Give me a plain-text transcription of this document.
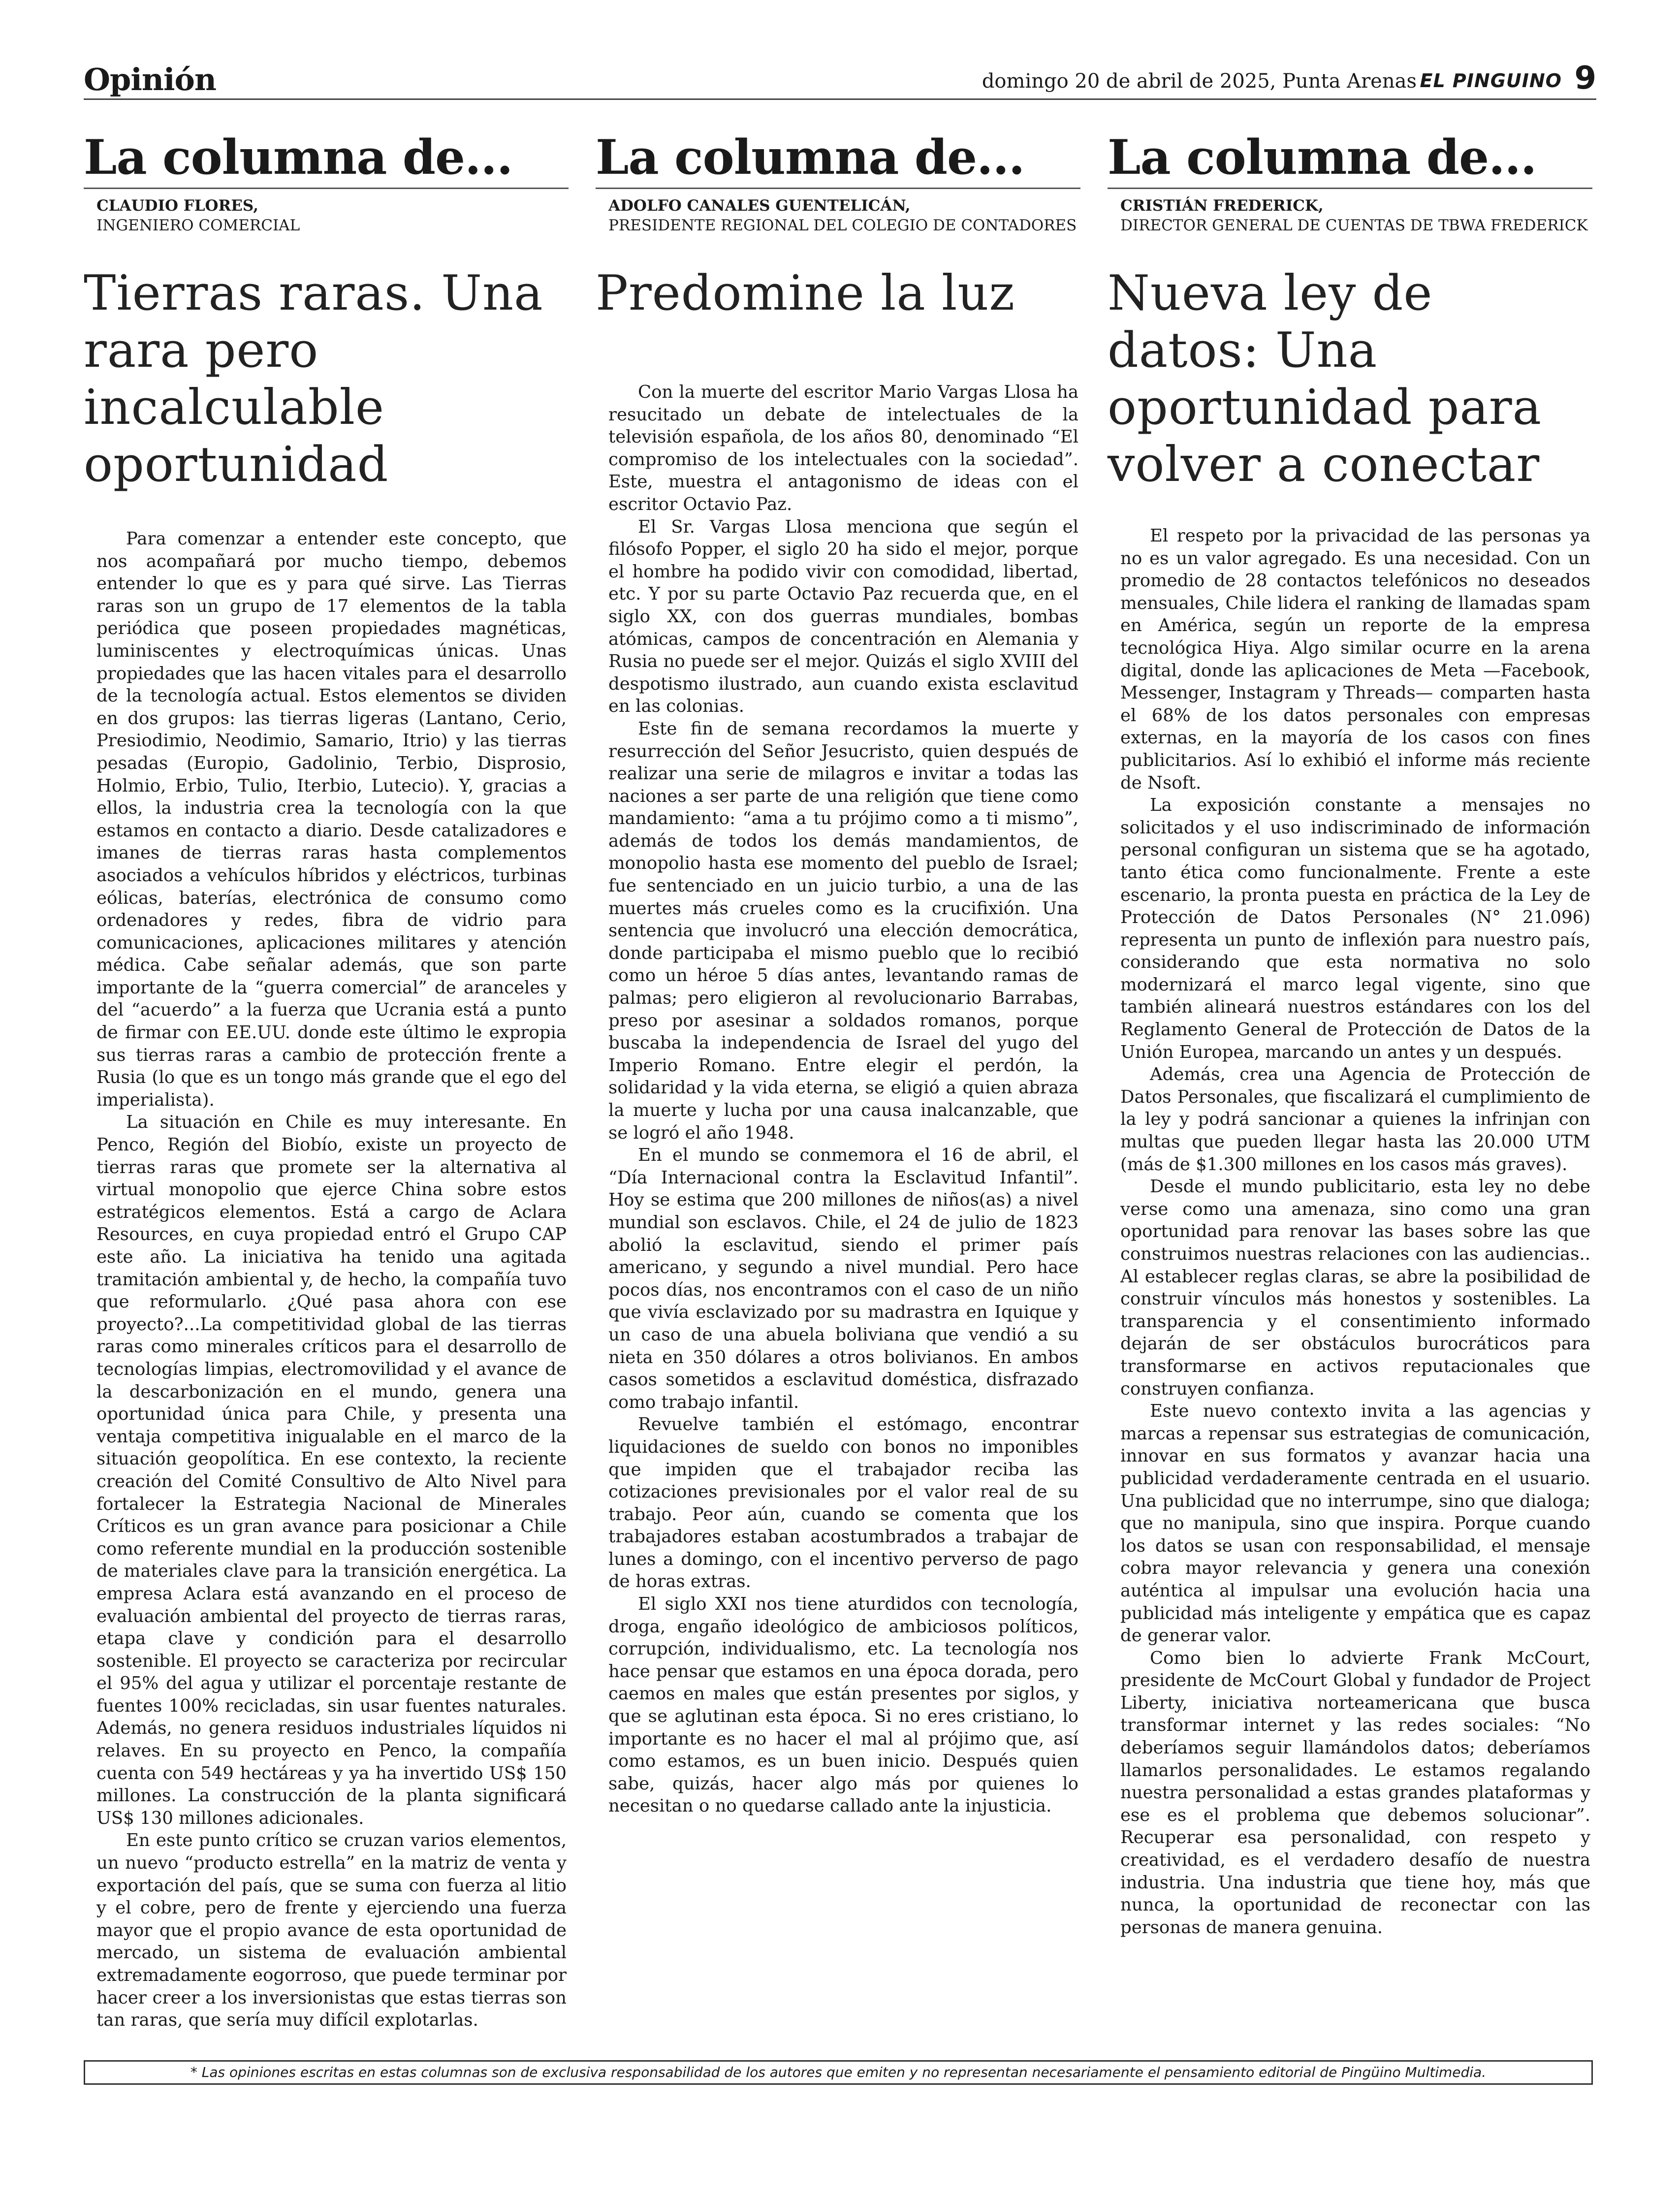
Opinión	domingo 20 de abril de 2025, Punta Arenas EL PINGUINO 9
La columna de...
CLAUDIO FLORES,
INGENIERO COMERCIAL
Tierras raras. Una rara pero incalculable oportunidad

Para comenzar a entender este concepto, que nos acompañará por mucho tiempo, debemos entender lo que es y para qué sirve. Las Tierras raras son un grupo de 17 elementos de la tabla periódica que poseen propiedades magnéticas, luminiscentes y electroquímicas únicas. Unas propiedades que las hacen vitales para el desarrollo de la tecnología actual. Estos elementos se dividen en dos grupos: las tierras ligeras (Lantano, Cerio, Presiodimio, Neodimio, Samario, Itrio) y las tierras pesadas (Europio, Gadolinio, Terbio, Disprosio, Holmio, Erbio, Tulio, Iterbio, Lutecio). Y, gracias a ellos, la industria crea la tecnología con la que estamos en contacto a diario. Desde catalizadores e imanes de tierras raras hasta complementos asociados a vehículos híbridos y eléctricos, turbinas eólicas, baterías, electrónica de consumo como ordenadores y redes, fibra de vidrio para comunicaciones, aplicaciones militares y atención médica. Cabe señalar además, que son parte importante de la “guerra comercial” de aranceles y del “acuerdo” a la fuerza que Ucrania está a punto de firmar con EE.UU. donde este último le expropia sus tierras raras a cambio de protección frente a Rusia (lo que es un tongo más grande que el ego del imperialista).

La situación en Chile es muy interesante. En Penco, Región del Biobío, existe un proyecto de tierras raras que promete ser la alternativa al virtual monopolio que ejerce China sobre estos estratégicos elementos. Está a cargo de Aclara Resources, en cuya propiedad entró el Grupo CAP este año. La iniciativa ha tenido una agitada tramitación ambiental y, de hecho, la compañía tuvo que reformularlo. ¿Qué pasa ahora con ese proyecto?...La competitividad global de las tierras raras como minerales críticos para el desarrollo de tecnologías limpias, electromovilidad y el avance de la descarbonización en el mundo, genera una oportunidad única para Chile, y presenta una ventaja competitiva inigualable en el marco de la situación geopolítica. En ese contexto, la reciente creación del Comité Consultivo de Alto Nivel para fortalecer la Estrategia Nacional de Minerales Críticos es un gran avance para posicionar a Chile como referente mundial en la producción sostenible de materiales clave para la transición energética. La empresa Aclara está avanzando en el proceso de evaluación ambiental del proyecto de tierras raras, etapa clave y condición para el desarrollo sostenible. El proyecto se caracteriza por recircular el 95% del agua y utilizar el porcentaje restante de fuentes 100% recicladas, sin usar fuentes naturales. Además, no genera residuos industriales líquidos ni relaves. En su proyecto en Penco, la compañía cuenta con 549 hectáreas y ya ha invertido US$ 150 millones. La construcción de la planta significará US$ 130 millones adicionales.

En este punto crítico se cruzan varios elementos, un nuevo “producto estrella” en la matriz de venta y exportación del país, que se suma con fuerza al litio y el cobre, pero de frente y ejerciendo una fuerza mayor que el propio avance de esta oportunidad de mercado, un sistema de evaluación ambiental extremadamente eogorroso, que puede terminar por hacer creer a los inversionistas que estas tierras son tan raras, que sería muy difícil explotarlas.

La columna de...
ADOLFO CANALES GUENTELICÁN,
PRESIDENTE REGIONAL DEL COLEGIO DE CONTADORES
Predomine la luz

Con la muerte del escritor Mario Vargas Llosa ha resucitado un debate de intelectuales de la televisión española, de los años 80, denominado “El compromiso de los intelectuales con la sociedad”. Este, muestra el antagonismo de ideas con el escritor Octavio Paz.

El Sr. Vargas Llosa menciona que según el filósofo Popper, el siglo 20 ha sido el mejor, porque el hombre ha podido vivir con comodidad, libertad, etc. Y por su parte Octavio Paz recuerda que, en el siglo XX, con dos guerras mundiales, bombas atómicas, campos de concentración en Alemania y Rusia no puede ser el mejor. Quizás el siglo XVIII del despotismo ilustrado, aun cuando exista esclavitud en las colonias.

Este fin de semana recordamos la muerte y resurrección del Señor Jesucristo, quien después de realizar una serie de milagros e invitar a todas las naciones a ser parte de una religión que tiene como mandamiento: “ama a tu prójimo como a ti mismo”, además de todos los demás mandamientos, de monopolio hasta ese momento del pueblo de Israel; fue sentenciado en un juicio turbio, a una de las muertes más crueles como es la crucifixión. Una sentencia que involucró una elección democrática, donde participaba el mismo pueblo que lo recibió como un héroe 5 días antes, levantando ramas de palmas; pero eligieron al revolucionario Barrabas, preso por asesinar a soldados romanos, porque buscaba la independencia de Israel del yugo del Imperio Romano. Entre elegir el perdón, la solidaridad y la vida eterna, se eligió a quien abraza la muerte y lucha por una causa inalcanzable, que se logró el año 1948.

En el mundo se conmemora el 16 de abril, el “Día Internacional contra la Esclavitud Infantil”. Hoy se estima que 200 millones de niños(as) a nivel mundial son esclavos. Chile, el 24 de julio de 1823 abolió la esclavitud, siendo el primer país americano, y segundo a nivel mundial. Pero hace pocos días, nos encontramos con el caso de un niño que vivía esclavizado por su madrastra en Iquique y un caso de una abuela boliviana que vendió a su nieta en 350 dólares a otros bolivianos. En ambos casos sometidos a esclavitud doméstica, disfrazado como trabajo infantil.

Revuelve también el estómago, encontrar liquidaciones de sueldo con bonos no imponibles que impiden que el trabajador reciba las cotizaciones previsionales por el valor real de su trabajo. Peor aún, cuando se comenta que los trabajadores estaban acostumbrados a trabajar de lunes a domingo, con el incentivo perverso de pago de horas extras.

El siglo XXI nos tiene aturdidos con tecnología, droga, engaño ideológico de ambiciosos políticos, corrupción, individualismo, etc. La tecnología nos hace pensar que estamos en una época dorada, pero caemos en males que están presentes por siglos, y que se aglutinan esta época. Si no eres cristiano, lo importante es no hacer el mal al prójimo que, así como estamos, es un buen inicio. Después quien sabe, quizás, hacer algo más por quienes lo necesitan o no quedarse callado ante la injusticia.

La columna de...
CRISTIÁN FREDERICK,
DIRECTOR GENERAL DE CUENTAS DE TBWA FREDERICK
Nueva ley de datos: Una oportunidad para volver a conectar

El respeto por la privacidad de las personas ya no es un valor agregado. Es una necesidad. Con un promedio de 28 contactos telefónicos no deseados mensuales, Chile lidera el ranking de llamadas spam en América, según un reporte de la empresa tecnológica Hiya. Algo similar ocurre en la arena digital, donde las aplicaciones de Meta —Facebook, Messenger, Instagram y Threads— comparten hasta el 68% de los datos personales con empresas externas, en la mayoría de los casos con fines publicitarios. Así lo exhibió el informe más reciente de Nsoft.

La exposición constante a mensajes no solicitados y el uso indiscriminado de información personal configuran un sistema que se ha agotado, tanto ética como funcionalmente. Frente a este escenario, la pronta puesta en práctica de la Ley de Protección de Datos Personales (N° 21.096) representa un punto de inflexión para nuestro país, considerando que esta normativa no solo modernizará el marco legal vigente, sino que también alineará nuestros estándares con los del Reglamento General de Protección de Datos de la Unión Europea, marcando un antes y un después.

Además, crea una Agencia de Protección de Datos Personales, que fiscalizará el cumplimiento de la ley y podrá sancionar a quienes la infrinjan con multas que pueden llegar hasta las 20.000 UTM (más de $1.300 millones en los casos más graves).

Desde el mundo publicitario, esta ley no debe verse como una amenaza, sino como una gran oportunidad para renovar las bases sobre las que construimos nuestras relaciones con las audiencias.. Al establecer reglas claras, se abre la posibilidad de construir vínculos más honestos y sostenibles. La transparencia y el consentimiento informado dejarán de ser obstáculos burocráticos para transformarse en activos reputacionales que construyen confianza.

Este nuevo contexto invita a las agencias y marcas a repensar sus estrategias de comunicación, innovar en sus formatos y avanzar hacia una publicidad verdaderamente centrada en el usuario. Una publicidad que no interrumpe, sino que dialoga; que no manipula, sino que inspira. Porque cuando los datos se usan con responsabilidad, el mensaje cobra mayor relevancia y genera una conexión auténtica al impulsar una evolución hacia una publicidad más inteligente y empática que es capaz de generar valor.

Como bien lo advierte Frank McCourt, presidente de McCourt Global y fundador de Project Liberty, iniciativa norteamericana que busca transformar internet y las redes sociales: “No deberíamos seguir llamándolos datos; deberíamos llamarlos personalidades. Le estamos regalando nuestra personalidad a estas grandes plataformas y ese es el problema que debemos solucionar”. Recuperar esa personalidad, con respeto y creatividad, es el verdadero desafío de nuestra industria. Una industria que tiene hoy, más que nunca, la oportunidad de reconectar con las personas de manera genuina.

* Las opiniones escritas en estas columnas son de exclusiva responsabilidad de los autores que emiten y no representan necesariamente el pensamiento editorial de Pingüino Multimedia.
